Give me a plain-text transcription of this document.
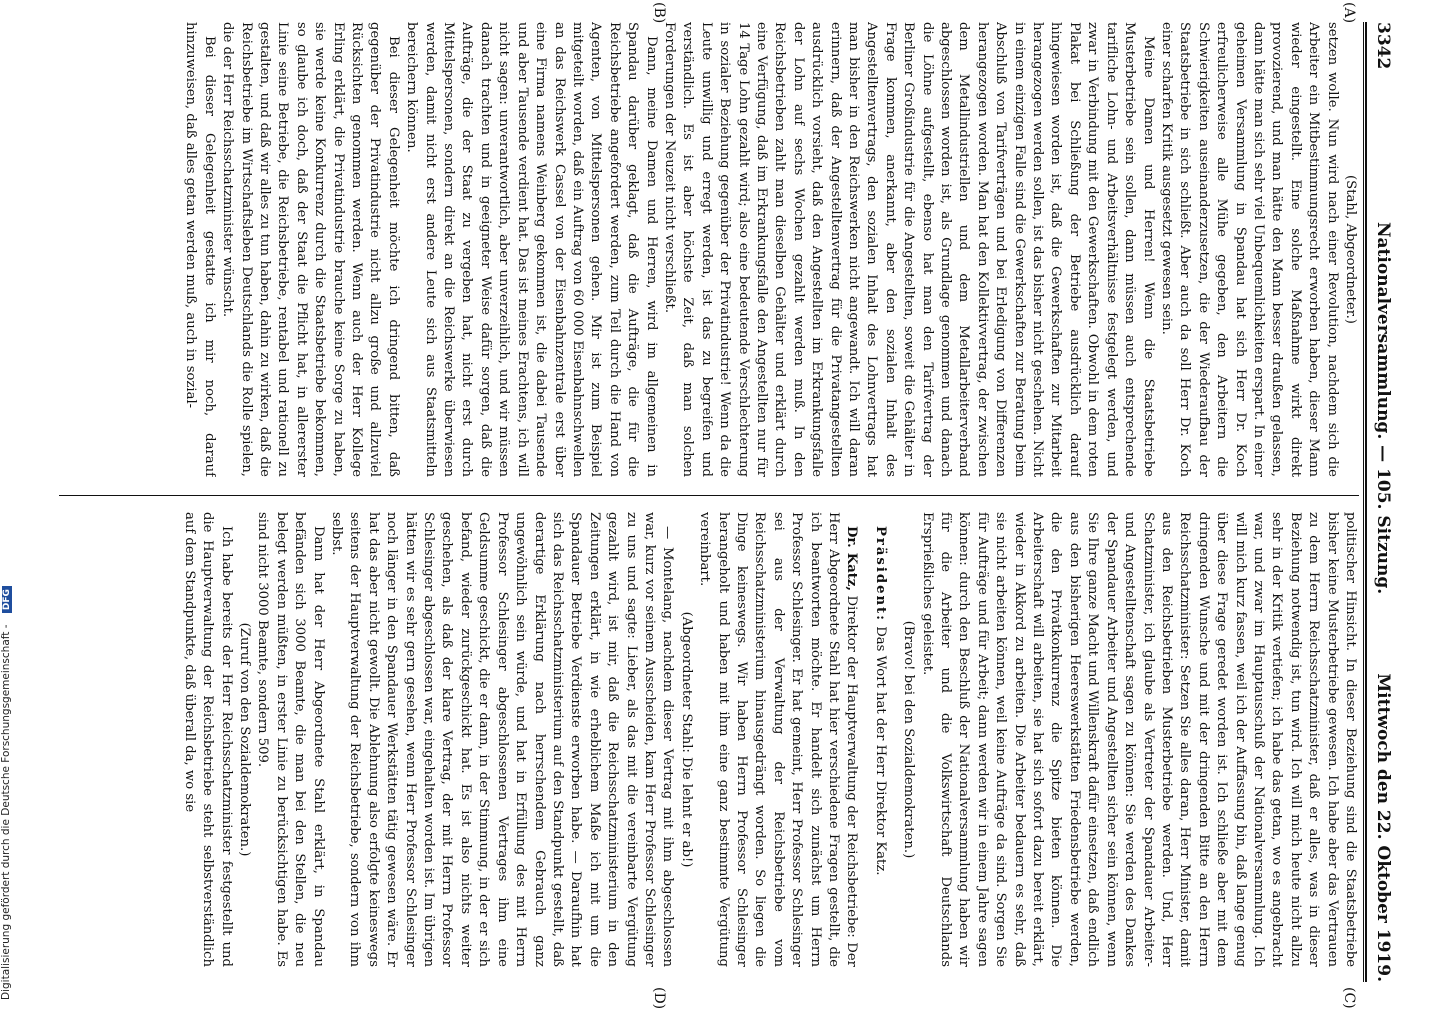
3342
Nationalversammlung. — 105. Sitzung.
Mittwoch den 22. Oktober 1919.
(A)
(B)
(C)
(D)

(Stahl, Abgeordneter.)

setzen wolle. Nun wird nach einer Revolution, nachdem sich die Arbeiter ein Mitbestimmungsrecht erworben haben, dieser Mann wieder eingestellt. Eine solche Maßnahme wirkt direkt provozierend, und man hätte den Mann besser draußen gelassen, dann hätte man sich sehr viel Unbequemlichkeiten erspart. In einer geheimen Versammlung in Spandau hat sich Herr Dr. Koch erfreulicherweise alle Mühe gegeben, den Arbeitern die Schwierigkeiten auseinanderzusetzen, die der Wiederaufbau der Staatsbetriebe in sich schließt. Aber auch da soll Herr Dr. Koch einer scharfen Kritik ausgesetzt gewesen sein.

Meine Damen und Herren! Wenn die Staatsbetriebe Musterbetriebe sein sollen, dann müssen auch entsprechende tarifliche Lohn- und Arbeitsverhältnisse festgelegt werden, und zwar in Verbindung mit den Gewerkschaften. Obwohl in dem roten Plakat bei Schließung der Betriebe ausdrücklich darauf hingewiesen worden ist, daß die Gewerkschaften zur Mitarbeit herangezogen werden sollen, ist das bisher nicht geschehen. Nicht in einem einzigen Falle sind die Gewerkschaften zur Beratung beim Abschluß von Tarifverträgen und bei Erledigung von Differenzen herangezogen worden. Man hat den Kollektivvertrag, der zwischen dem Metallindustriellen und dem Metallarbeiterverband abgeschlossen worden ist, als Grundlage genommen und danach die Löhne aufgestellt, ebenso hat man den Tarifvertrag der Berliner Großindustrie für die Angestellten, soweit die Gehälter in Frage kommen, anerkannt, aber den sozialen Inhalt des Angestelltenvertrags, den sozialen Inhalt des Lohnvertrags hat man bisher in den Reichswerken nicht angewandt. Ich will daran erinnern, daß der Angestelltenvertrag für die Privatangestellten ausdrücklich vorsieht, daß den Angestellten im Erkrankungsfalle der Lohn auf sechs Wochen gezahlt werden muß. In den Reichsbetrieben zahlt man dieselben Gehälter und erklärt durch eine Verfügung, daß im Erkrankungsfalle den Angestellten nur für 14 Tage Lohn gezahlt wird; also eine bedeutende Verschlechterung in sozialer Beziehung gegenüber der Privatindustrie! Wenn da die Leute unwillig und erregt werden, ist das zu begreifen und verständlich. Es ist aber höchste Zeit, daß man solchen Forderungen der Neuzeit nicht verschließt.

Dann, meine Damen und Herren, wird im allgemeinen in Spandau darüber geklagt, daß die Aufträge, die für die Reichsbetriebe angefordert werden, zum Teil durch die Hand von Agenten, von Mittelspersonen gehen. Mir ist zum Beispiel mitgeteilt worden, daß ein Auftrag von 60 000 Eisenbahnschwellen an das Reichswerk Cassel von der Eisenbahnzentrale erst über eine Firma namens Weinberg gekommen ist, die dabei Tausende und aber Tausende verdient hat. Das ist meines Erachtens, ich will nicht sagen: unverantwortlich, aber unverzeihlich, und wir müssen danach trachten und in geeigneter Weise dafür sorgen, daß die Aufträge, die der Staat zu vergeben hat, nicht erst durch Mittelspersonen, sondern direkt an die Reichswerke überwiesen werden, damit nicht erst andere Leute sich aus Staatsmitteln bereichern können.

Bei dieser Gelegenheit möchte ich dringend bitten, daß gegenüber der Privatindustrie nicht allzu große und allzuviel Rücksichten genommen werden. Wenn auch der Herr Kollege Erling erklärt, die Privatindustrie brauche keine Sorge zu haben, sie werde keine Konkurrenz durch die Staatsbetriebe bekommen, so glaube ich doch, daß der Staat die Pflicht hat, in allererster Linie seine Betriebe, die Reichsbetriebe, rentabel und rationell zu gestalten, und daß wir alles zu tun haben, dahin zu wirken, daß die Reichsbetriebe im Wirtschaftsleben Deutschlands die Rolle spielen, die der Herr Reichsschatzminister wünscht.

Bei dieser Gelegenheit gestatte ich mir noch, darauf hinzuweisen, daß alles getan werden muß, auch in sozial-

politischer Hinsicht. In dieser Beziehung sind die Staatsbetriebe bisher keine Musterbetriebe gewesen. Ich habe aber das Vertrauen zu dem Herrn Reichsschatzminister, daß er alles, was in dieser Beziehung notwendig ist, tun wird. Ich will mich heute nicht allzu sehr in der Kritik vertiefen; ich habe das getan, wo es angebracht war, und zwar im Hauptausschuß der Nationalversammlung. Ich will mich kurz fassen, weil ich der Auffassung bin, daß lange genug über diese Frage geredet worden ist. Ich schließe aber mit dem dringenden Wunsche und mit der dringenden Bitte an den Herrn Reichsschatzminister: Setzen Sie alles daran, Herr Minister, damit aus den Reichsbetrieben Musterbetriebe werden. Und, Herr Schatzminister, ich glaube als Vertreter der Spandauer Arbeiter- und Angestelltenschaft sagen zu können: Sie werden des Dankes der Spandauer Arbeiter und Angestellten sicher sein können, wenn Sie Ihre ganze Macht und Willenskraft dafür einsetzen, daß endlich aus den bisherigen Heereswerkstätten Friedensbetriebe werden, die den Privatkonkurrenz die Spitze bieten können. Die Arbeiterschaft will arbeiten, sie hat sich sofort dazu bereit erklärt, wieder in Akkord zu arbeiten. Die Arbeiter bedauern es sehr, daß sie nicht arbeiten können, weil keine Aufträge da sind. Sorgen Sie für Aufträge und für Arbeit; dann werden wir in einem Jahre sagen können: durch den Beschluß der Nationalversammlung haben wir für die Arbeiter und die Volkswirtschaft Deutschlands Ersprießliches geleistet.

(Bravo! bei den Sozialdemokraten.)

Präsident: Das Wort hat der Herr Direktor Katz.

Dr. Katz, Direktor der Hauptverwaltung der Reichsbetriebe: Der Herr Abgeordnete Stahl hat hier verschiedene Fragen gestellt, die ich beantworten möchte. Er handelt sich zunächst um Herrn Professor Schlesinger. Er hat gemeint, Herr Professor Schlesinger sei aus der Verwaltung der Reichsbetriebe vom Reichsschatzministerium hinausgedrängt worden. So liegen die Dinge keineswegs. Wir haben Herrn Professor Schlesinger herangeholt und haben mit ihm eine ganz bestimmte Vergütung vereinbart.

(Abgeordneter Stahl: Die lehnt er ab!)

— Montelang, nachdem dieser Vertrag mit ihm abgeschlossen war, kurz vor seinem Ausscheiden, kam Herr Professor Schlesinger zu uns und sagte: Lieber, als das mit die vereinbarte Vergütung gezahlt wird, ist mir, daß die Reichsschatzministerium in den Zeitungen erklärt, in wie erheblichem Maße ich mit um die Spandauer Betriebe Verdienste erworben habe. — Daraufhin hat sich das Reichsschatzministerium auf den Standpunkt gestellt, daß derartige Erklärung nach herrschendem Gebrauch ganz ungewöhnlich sein würde, und hat in Erfüllung des mit Herrn Professor Schlesinger abgeschlossenen Vertrages ihm eine Geldsumme geschickt, die er dann, in der Stimmung, in der er sich befand, wieder zurückgeschickt hat. Es ist also nichts weiter geschehen, als daß der klare Vertrag, der mit Herrn Professor Schlesinger abgeschlossen war, eingehalten worden ist. Im übrigen hätten wir es sehr gern gesehen, wenn Herr Professor Schlesinger noch länger in den Spandauer Werkstätten tätig gewesen wäre. Er hat das aber nicht gewollt. Die Ablehnung also erfolgte keineswegs seitens der Hauptverwaltung der Reichsbetriebe, sondern von ihm selbst.

Dann hat der Herr Abgeordnete Stahl erklärt, in Spandau befänden sich 3000 Beamte, die man bei den Stellen, die neu belegt werden müßten, in erster Linie zu berücksichtigen habe. Es sind nicht 3000 Beamte, sondern 509.

(Zuruf von den Sozialdemokraten.)

Ich habe bereits der Herr Reichsschatzminister festgestellt und die Hauptverwaltung der Reichsbetriebe steht selbstverständlich auf dem Standpunkte, daß überall da, wo sie

Digitalisierung gefördert durch die Deutsche Forschungsgemeinschaft - DFG
